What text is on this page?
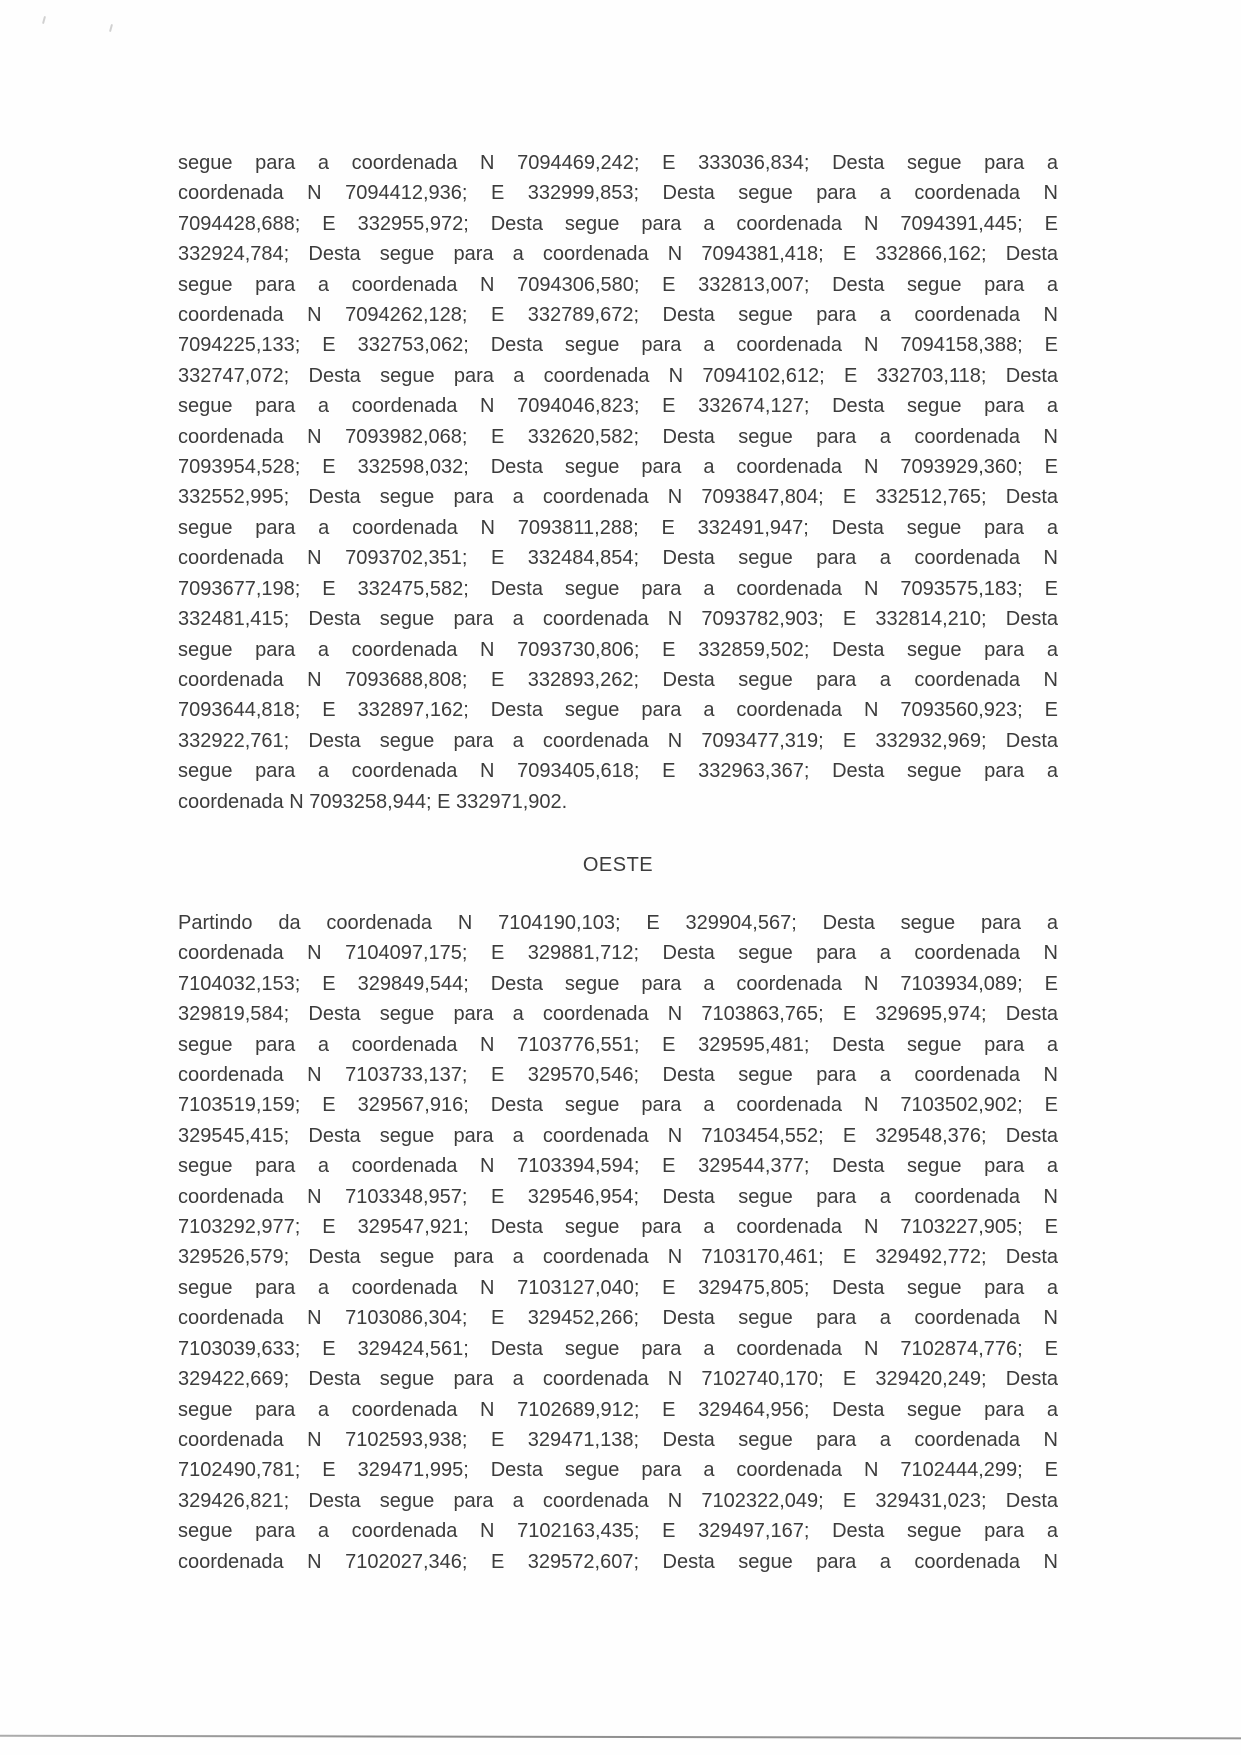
segue para a coordenada N 7094469,242; E 333036,834; Desta segue para a
coordenada N 7094412,936; E 332999,853; Desta segue para a coordenada N
7094428,688; E 332955,972; Desta segue para a coordenada N 7094391,445; E
332924,784; Desta segue para a coordenada N 7094381,418; E 332866,162; Desta
segue para a coordenada N 7094306,580; E 332813,007; Desta segue para a
coordenada N 7094262,128; E 332789,672; Desta segue para a coordenada N
7094225,133; E 332753,062; Desta segue para a coordenada N 7094158,388; E
332747,072; Desta segue para a coordenada N 7094102,612; E 332703,118; Desta
segue para a coordenada N 7094046,823; E 332674,127; Desta segue para a
coordenada N 7093982,068; E 332620,582; Desta segue para a coordenada N
7093954,528; E 332598,032; Desta segue para a coordenada N 7093929,360; E
332552,995; Desta segue para a coordenada N 7093847,804; E 332512,765; Desta
segue para a coordenada N 7093811,288; E 332491,947; Desta segue para a
coordenada N 7093702,351; E 332484,854; Desta segue para a coordenada N
7093677,198; E 332475,582; Desta segue para a coordenada N 7093575,183; E
332481,415; Desta segue para a coordenada N 7093782,903; E 332814,210; Desta
segue para a coordenada N 7093730,806; E 332859,502; Desta segue para a
coordenada N 7093688,808; E 332893,262; Desta segue para a coordenada N
7093644,818; E 332897,162; Desta segue para a coordenada N 7093560,923; E
332922,761; Desta segue para a coordenada N 7093477,319; E 332932,969; Desta
segue para a coordenada N 7093405,618; E 332963,367; Desta segue para a
coordenada N 7093258,944; E 332971,902.
OESTE
Partindo da coordenada N 7104190,103; E 329904,567; Desta segue para a
coordenada N 7104097,175; E 329881,712; Desta segue para a coordenada N
7104032,153; E 329849,544; Desta segue para a coordenada N 7103934,089; E
329819,584; Desta segue para a coordenada N 7103863,765; E 329695,974; Desta
segue para a coordenada N 7103776,551; E 329595,481; Desta segue para a
coordenada N 7103733,137; E 329570,546; Desta segue para a coordenada N
7103519,159; E 329567,916; Desta segue para a coordenada N 7103502,902; E
329545,415; Desta segue para a coordenada N 7103454,552; E 329548,376; Desta
segue para a coordenada N 7103394,594; E 329544,377; Desta segue para a
coordenada N 7103348,957; E 329546,954; Desta segue para a coordenada N
7103292,977; E 329547,921; Desta segue para a coordenada N 7103227,905; E
329526,579; Desta segue para a coordenada N 7103170,461; E 329492,772; Desta
segue para a coordenada N 7103127,040; E 329475,805; Desta segue para a
coordenada N 7103086,304; E 329452,266; Desta segue para a coordenada N
7103039,633; E 329424,561; Desta segue para a coordenada N 7102874,776; E
329422,669; Desta segue para a coordenada N 7102740,170; E 329420,249; Desta
segue para a coordenada N 7102689,912; E 329464,956; Desta segue para a
coordenada N 7102593,938; E 329471,138; Desta segue para a coordenada N
7102490,781; E 329471,995; Desta segue para a coordenada N 7102444,299; E
329426,821; Desta segue para a coordenada N 7102322,049; E 329431,023; Desta
segue para a coordenada N 7102163,435; E 329497,167; Desta segue para a
coordenada N 7102027,346; E 329572,607; Desta segue para a coordenada N
